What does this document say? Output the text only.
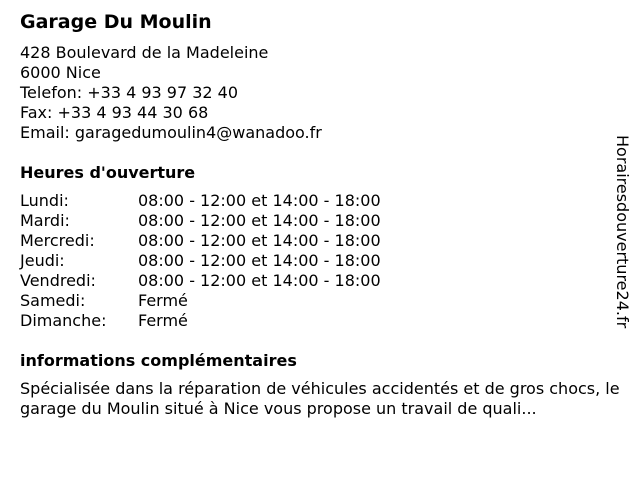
Garage Du Moulin
428 Boulevard de la Madeleine
6000 Nice
Telefon: +33 4 93 97 32 40
Fax: +33 4 93 44 30 68
Email: garagedumoulin4@wanadoo.fr
Heures d'ouverture
Lundi:	08:00 - 12:00 et 14:00 - 18:00
Mardi:	08:00 - 12:00 et 14:00 - 18:00
Mercredi:	08:00 - 12:00 et 14:00 - 18:00
Jeudi:	08:00 - 12:00 et 14:00 - 18:00
Vendredi:	08:00 - 12:00 et 14:00 - 18:00
Samedi:	Fermé
Dimanche:	Fermé
informations complémentaires
Spécialisée dans la réparation de véhicules accidentés et de gros chocs, le garage du Moulin situé à Nice vous propose un travail de quali...
Horairesdouverture24.fr
